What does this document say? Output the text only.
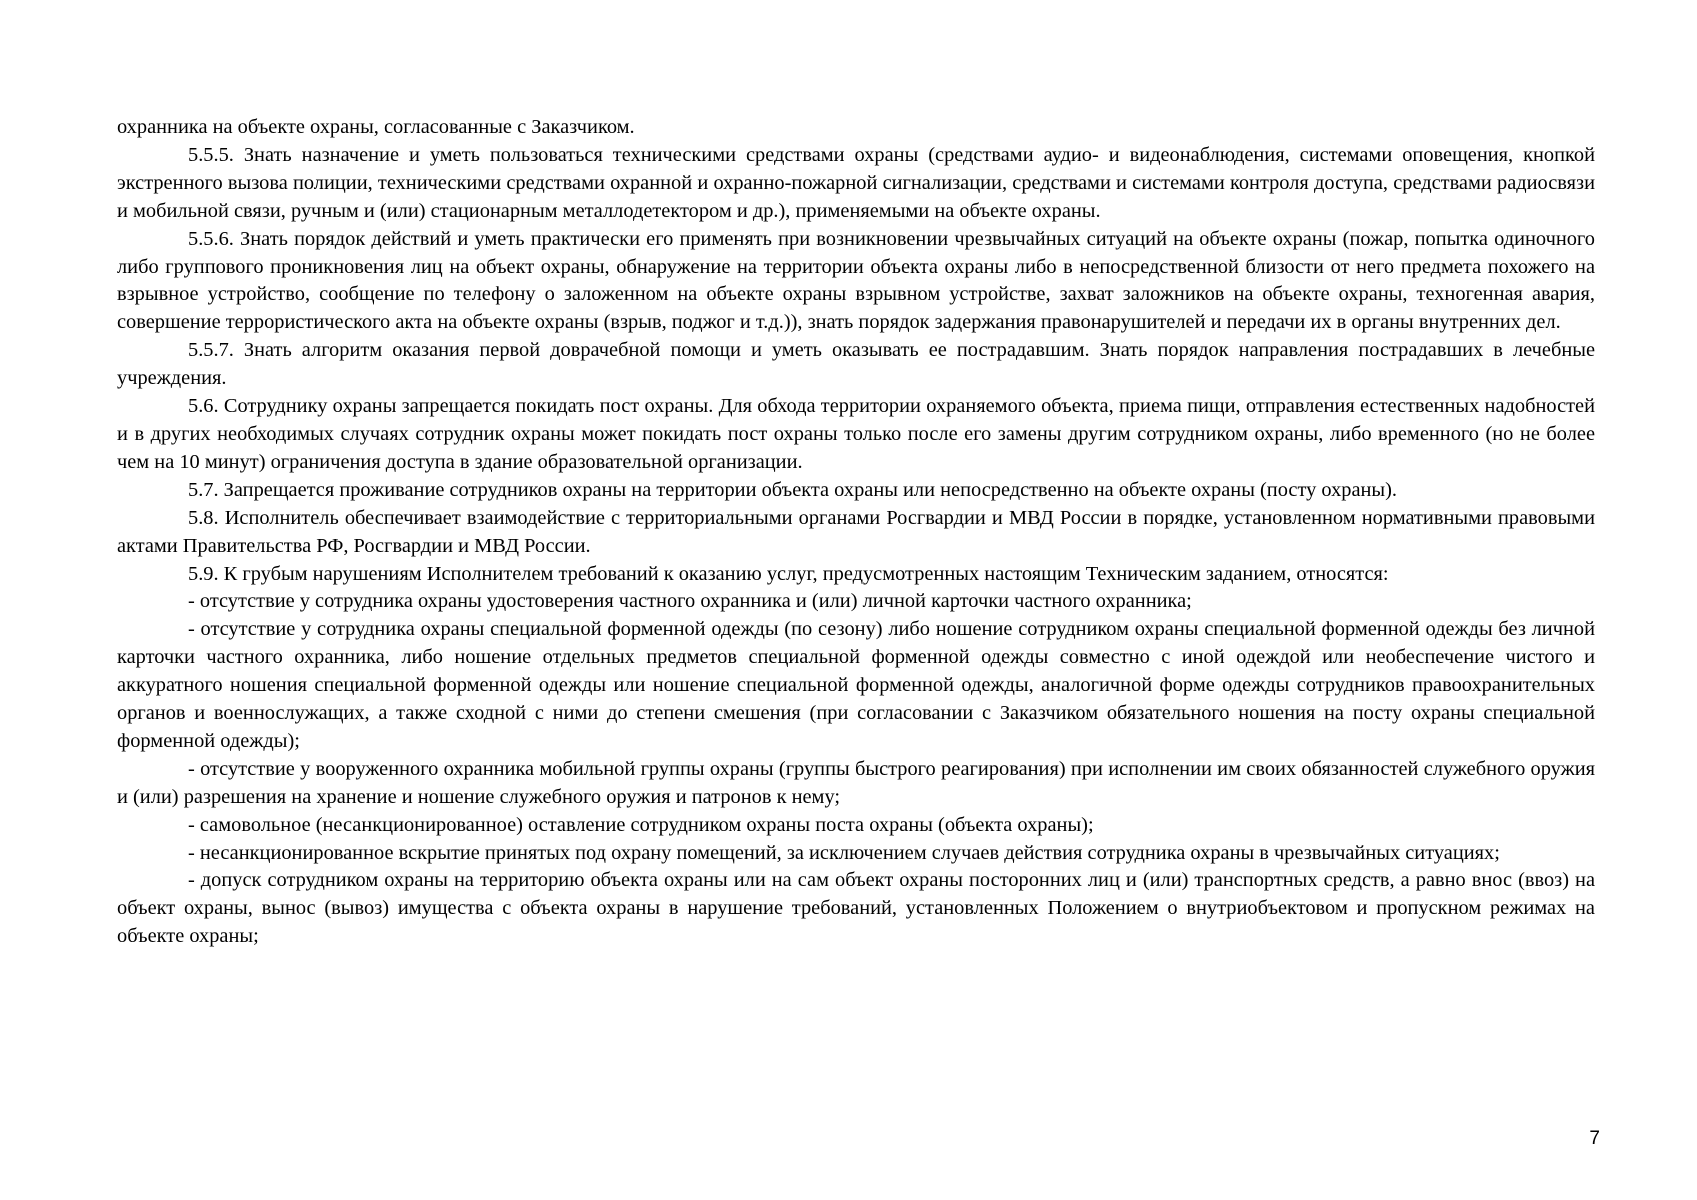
охранника на объекте охраны, согласованные с Заказчиком.

5.5.5. Знать назначение и уметь пользоваться техническими средствами охраны (средствами аудио- и видеонаблюдения, системами оповещения, кнопкой экстренного вызова полиции, техническими средствами охранной и охранно-пожарной сигнализации, средствами и системами контроля доступа, средствами радиосвязи и мобильной связи, ручным и (или) стационарным металлодетектором и др.), применяемыми на объекте охраны.

5.5.6. Знать порядок действий и уметь практически его применять при возникновении чрезвычайных ситуаций на объекте охраны (пожар, попытка одиночного либо группового проникновения лиц на объект охраны, обнаружение на территории объекта охраны либо в непосредственной близости от него предмета похожего на взрывное устройство, сообщение по телефону о заложенном на объекте охраны взрывном устройстве, захват заложников на объекте охраны, техногенная авария, совершение террористического акта на объекте охраны (взрыв, поджог и т.д.)), знать порядок задержания правонарушителей и передачи их в органы внутренних дел.

5.5.7. Знать алгоритм оказания первой доврачебной помощи и уметь оказывать ее пострадавшим. Знать порядок направления пострадавших в лечебные учреждения.

5.6. Сотруднику охраны запрещается покидать пост охраны. Для обхода территории охраняемого объекта, приема пищи, отправления естественных надобностей и в других необходимых случаях сотрудник охраны может покидать пост охраны только после его замены другим сотрудником охраны, либо временного (но не более чем на 10 минут) ограничения доступа в здание образовательной организации.

5.7. Запрещается проживание сотрудников охраны на территории объекта охраны или непосредственно на объекте охраны (посту охраны).

5.8. Исполнитель обеспечивает взаимодействие с территориальными органами Росгвардии и МВД России в порядке, установленном нормативными правовыми актами Правительства РФ, Росгвардии и МВД России.

5.9. К грубым нарушениям Исполнителем требований к оказанию услуг, предусмотренных настоящим Техническим заданием, относятся:

- отсутствие у сотрудника охраны удостоверения частного охранника и (или) личной карточки частного охранника;

- отсутствие у сотрудника охраны специальной форменной одежды (по сезону) либо ношение сотрудником охраны специальной форменной одежды без личной карточки частного охранника, либо ношение отдельных предметов специальной форменной одежды совместно с иной одеждой или необеспечение чистого и аккуратного ношения специальной форменной одежды или ношение специальной форменной одежды, аналогичной форме одежды сотрудников правоохранительных органов и военнослужащих, а также сходной с ними до степени смешения (при согласовании с Заказчиком обязательного ношения на посту охраны специальной форменной одежды);

- отсутствие у вооруженного охранника мобильной группы охраны (группы быстрого реагирования) при исполнении им своих обязанностей служебного оружия и (или) разрешения на хранение и ношение служебного оружия и патронов к нему;

- самовольное (несанкционированное) оставление сотрудником охраны поста охраны (объекта охраны);

- несанкционированное вскрытие принятых под охрану помещений, за исключением случаев действия сотрудника охраны в чрезвычайных ситуациях;

- допуск сотрудником охраны на территорию объекта охраны или на сам объект охраны посторонних лиц и (или) транспортных средств, а равно внос (ввоз) на объект охраны, вынос (вывоз) имущества с объекта охраны в нарушение требований, установленных Положением о внутриобъектовом и пропускном режимах на объекте охраны;

7
